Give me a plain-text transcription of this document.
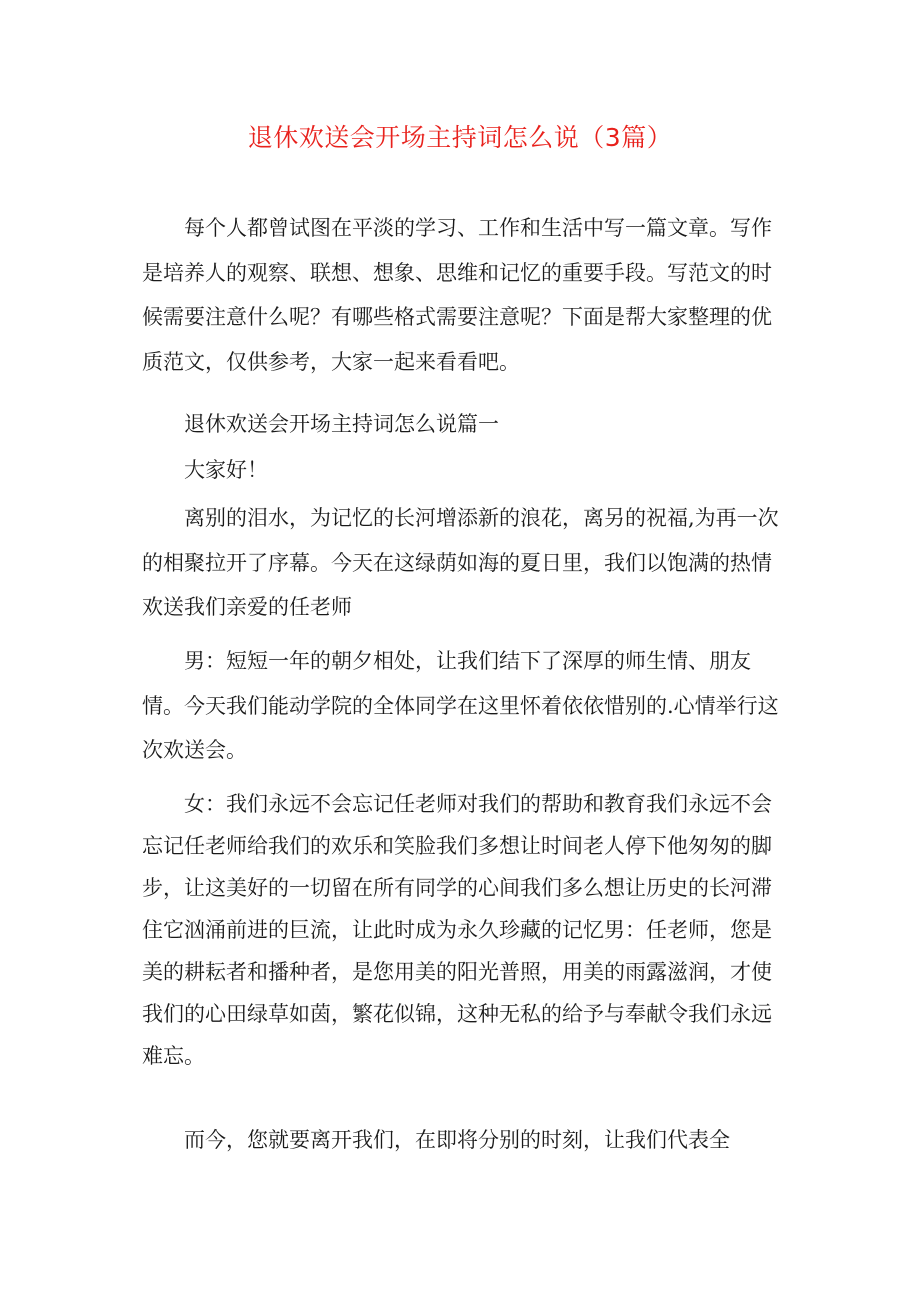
退休欢送会开场主持词怎么说（3篇）

每个人都曾试图在平淡的学习、工作和生活中写一篇文章。写作是培养人的观察、联想、想象、思维和记忆的重要手段。写范文的时候需要注意什么呢？有哪些格式需要注意呢？下面是帮大家整理的优质范文，仅供参考，大家一起来看看吧。

退休欢送会开场主持词怎么说篇一

大家好！

离别的泪水，为记忆的长河增添新的浪花，离另的祝福,为再一次的相聚拉开了序幕。今天在这绿荫如海的夏日里，我们以饱满的热情欢送我们亲爱的任老师

男：短短一年的朝夕相处，让我们结下了深厚的师生情、朋友情。今天我们能动学院的全体同学在这里怀着依依惜别的.心情举行这次欢送会。

女：我们永远不会忘记任老师对我们的帮助和教育我们永远不会忘记任老师给我们的欢乐和笑脸我们多想让时间老人停下他匆匆的脚步，让这美好的一切留在所有同学的心间我们多么想让历史的长河滞住它汹涌前进的巨流，让此时成为永久珍藏的记忆男：任老师，您是美的耕耘者和播种者，是您用美的阳光普照，用美的雨露滋润，才使我们的心田绿草如茵，繁花似锦，这种无私的给予与奉献令我们永远难忘。

而今，您就要离开我们，在即将分别的时刻，让我们代表全
